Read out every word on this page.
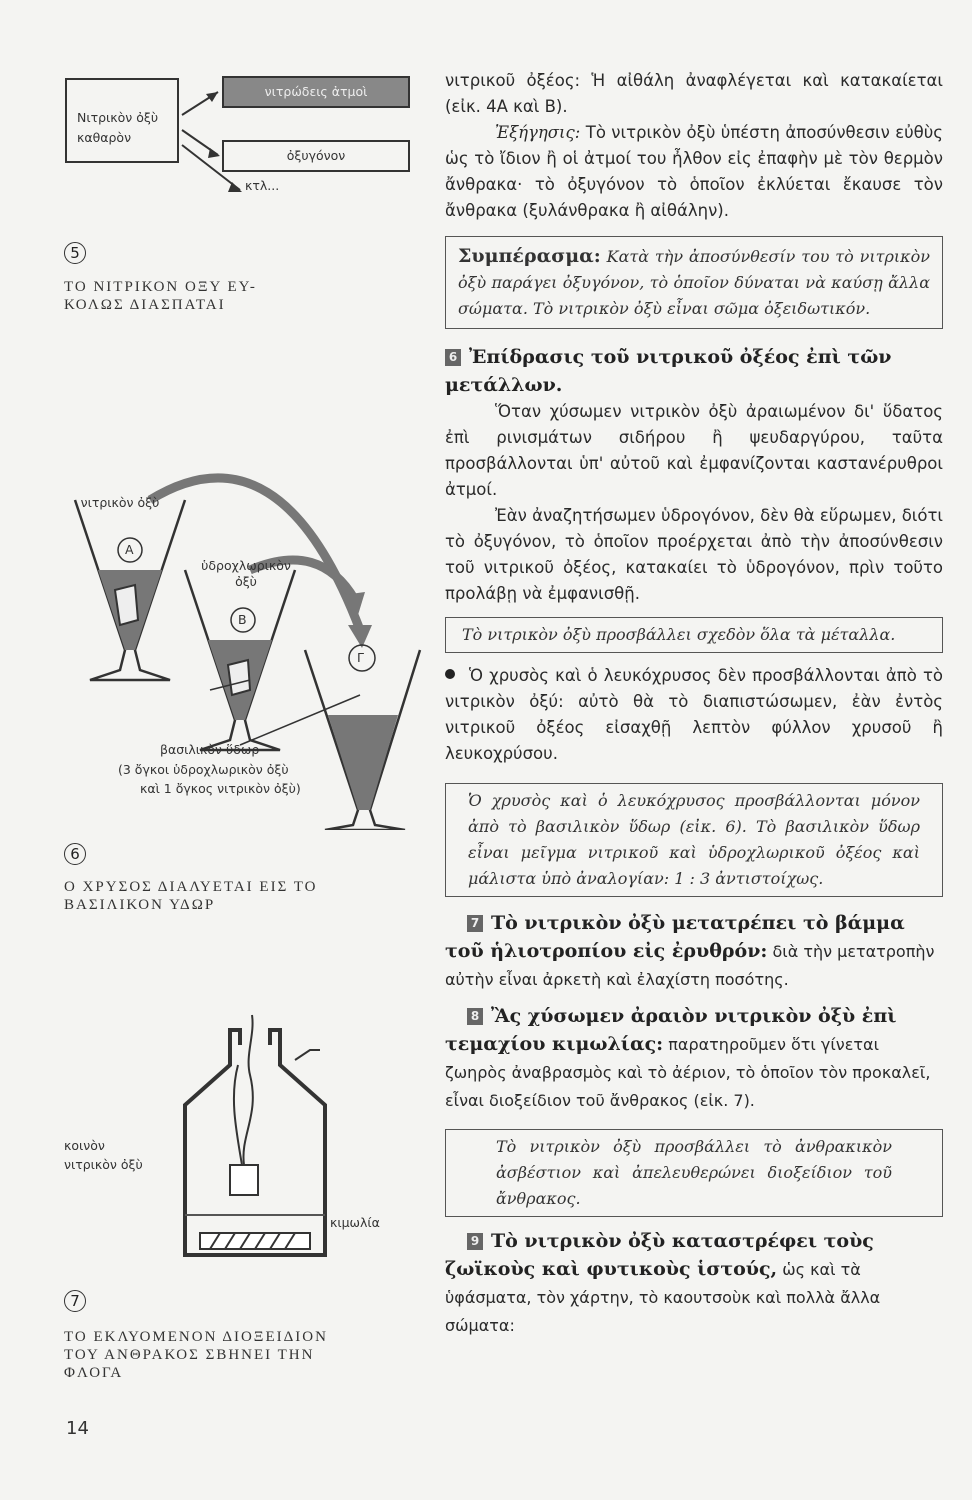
Νιτρικὸν ὀξὺ καθαρὸν
νιτρώδεις ἀτμοὶ
ὀξυγόνον
κτλ...
5
ΤΟ ΝΙΤΡΙΚΟΝ ΟΞΥ ΕΥ-ΚΟΛΩΣ ΔΙΑΣΠΑΤΑΙ
A
B
Γ
νιτρικὸν ὀξὺ
ὑδροχλωρικὸν ὀξὺ
βασιλικὸν ὕδωρ
(3 ὄγκοι ὑδροχλωρικὸν ὀξὺ
καὶ 1 ὄγκος νιτρικὸν ὀξὺ)
6
Ο ΧΡΥΣΟΣ ΔΙΑΛΥΕΤΑΙ ΕΙΣ ΤΟ ΒΑΣΙΛΙΚΟΝ ΥΔΩΡ
κοινὸν
νιτρικὸν ὀξὺ
κιμωλία
7
ΤΟ ΕΚΛΥΟΜΕΝΟΝ ΔΙΟΞΕΙΔΙΟΝ ΤΟΥ ΑΝΘΡΑΚΟΣ ΣΒΗΝΕΙ ΤΗΝ ΦΛΟΓΑ
14
νιτρικοῦ ὀξέος: Ἡ αἰθάλη ἀναφλέγεται καὶ κατακαίεται (εἰκ. 4Α καὶ Β).
Ἐξήγησις: Τὸ νιτρικὸν ὀξὺ ὑπέστη ἀποσύνθεσιν εὐθὺς ὡς τὸ ἴδιον ἢ οἱ ἀτμοί του ἦλθον εἰς ἐπαφὴν μὲ τὸν θερμὸν ἄνθρακα· τὸ ὀξυγόνον τὸ ὁποῖον ἐκλύεται ἔκαυσε τὸν ἄνθρακα (ξυλάνθρακα ἢ αἰθάλην).
Συμπέρασμα: Κατὰ τὴν ἀποσύνθεσίν του τὸ νιτρικὸν ὀξὺ παράγει ὀξυγόνον, τὸ ὁποῖον δύναται νὰ καύσῃ ἄλλα σώματα. Τὸ νιτρικὸν ὀξὺ εἶναι σῶμα ὀξειδωτικόν.
6 Ἐπίδρασις τοῦ νιτρικοῦ ὀξέος ἐπὶ τῶν μετάλλων.
Ὅταν χύσωμεν νιτρικὸν ὀξὺ ἀραιωμένον δι' ὕδατος ἐπὶ ρινισμάτων σιδήρου ἢ ψευδαργύρου, ταῦτα προσβάλλονται ὑπ' αὐτοῦ καὶ ἐμφανίζονται καστανέρυθροι ἀτμοί.
Ἐὰν ἀναζητήσωμεν ὑδρογόνον, δὲν θὰ εὕρωμεν, διότι τὸ ὀξυγόνον, τὸ ὁποῖον προέρχεται ἀπὸ τὴν ἀποσύνθεσιν τοῦ νιτρικοῦ ὀξέος, κατακαίει τὸ ὑδρογόνον, πρὶν τοῦτο προλάβῃ νὰ ἐμφανισθῇ.
Τὸ νιτρικὸν ὀξὺ προσβάλλει σχεδὸν ὅλα τὰ μέταλλα.
Ὁ χρυσὸς καὶ ὁ λευκόχρυσος δὲν προσβάλλονται ἀπὸ τὸ νιτρικὸν ὀξύ: αὐτὸ θὰ τὸ διαπιστώσωμεν, ἐὰν ἐντὸς νιτρικοῦ ὀξέος εἰσαχθῇ λεπτὸν φύλλον χρυσοῦ ἢ λευκοχρύσου.
Ὁ χρυσὸς καὶ ὁ λευκόχρυσος προσβάλλονται μόνον ἀπὸ τὸ βασιλικὸν ὕδωρ (εἰκ. 6). Τὸ βασιλικὸν ὕδωρ εἶναι μεῖγμα νιτρικοῦ καὶ ὑδροχλωρικοῦ ὀξέος καὶ μάλιστα ὑπὸ ἀναλογίαν: 1 : 3 ἀντιστοίχως.
7 Τὸ νιτρικὸν ὀξὺ μετατρέπει τὸ βάμμα τοῦ ἡλιοτροπίου εἰς ἐρυθρόν: διὰ τὴν μετατροπὴν αὐτὴν εἶναι ἀρκετὴ καὶ ἐλαχίστη ποσότης.
8 Ἂς χύσωμεν ἀραιὸν νιτρικὸν ὀξὺ ἐπὶ τεμαχίου κιμωλίας: παρατηροῦμεν ὅτι γίνεται ζωηρὸς ἀναβρασμὸς καὶ τὸ ἀέριον, τὸ ὁποῖον τὸν προκαλεῖ, εἶναι διοξείδιον τοῦ ἄνθρακος (εἰκ. 7).
Τὸ νιτρικὸν ὀξὺ προσβάλλει τὸ ἀνθρακικὸν ἀσβέστιον καὶ ἀπελευθερώνει διοξείδιον τοῦ ἄνθρακος.
9 Τὸ νιτρικὸν ὀξὺ καταστρέφει τοὺς ζωϊκοὺς καὶ φυτικοὺς ἱστούς, ὡς καὶ τὰ ὑφάσματα, τὸν χάρτην, τὸ καουτσοὺκ καὶ πολλὰ ἄλλα σώματα:
